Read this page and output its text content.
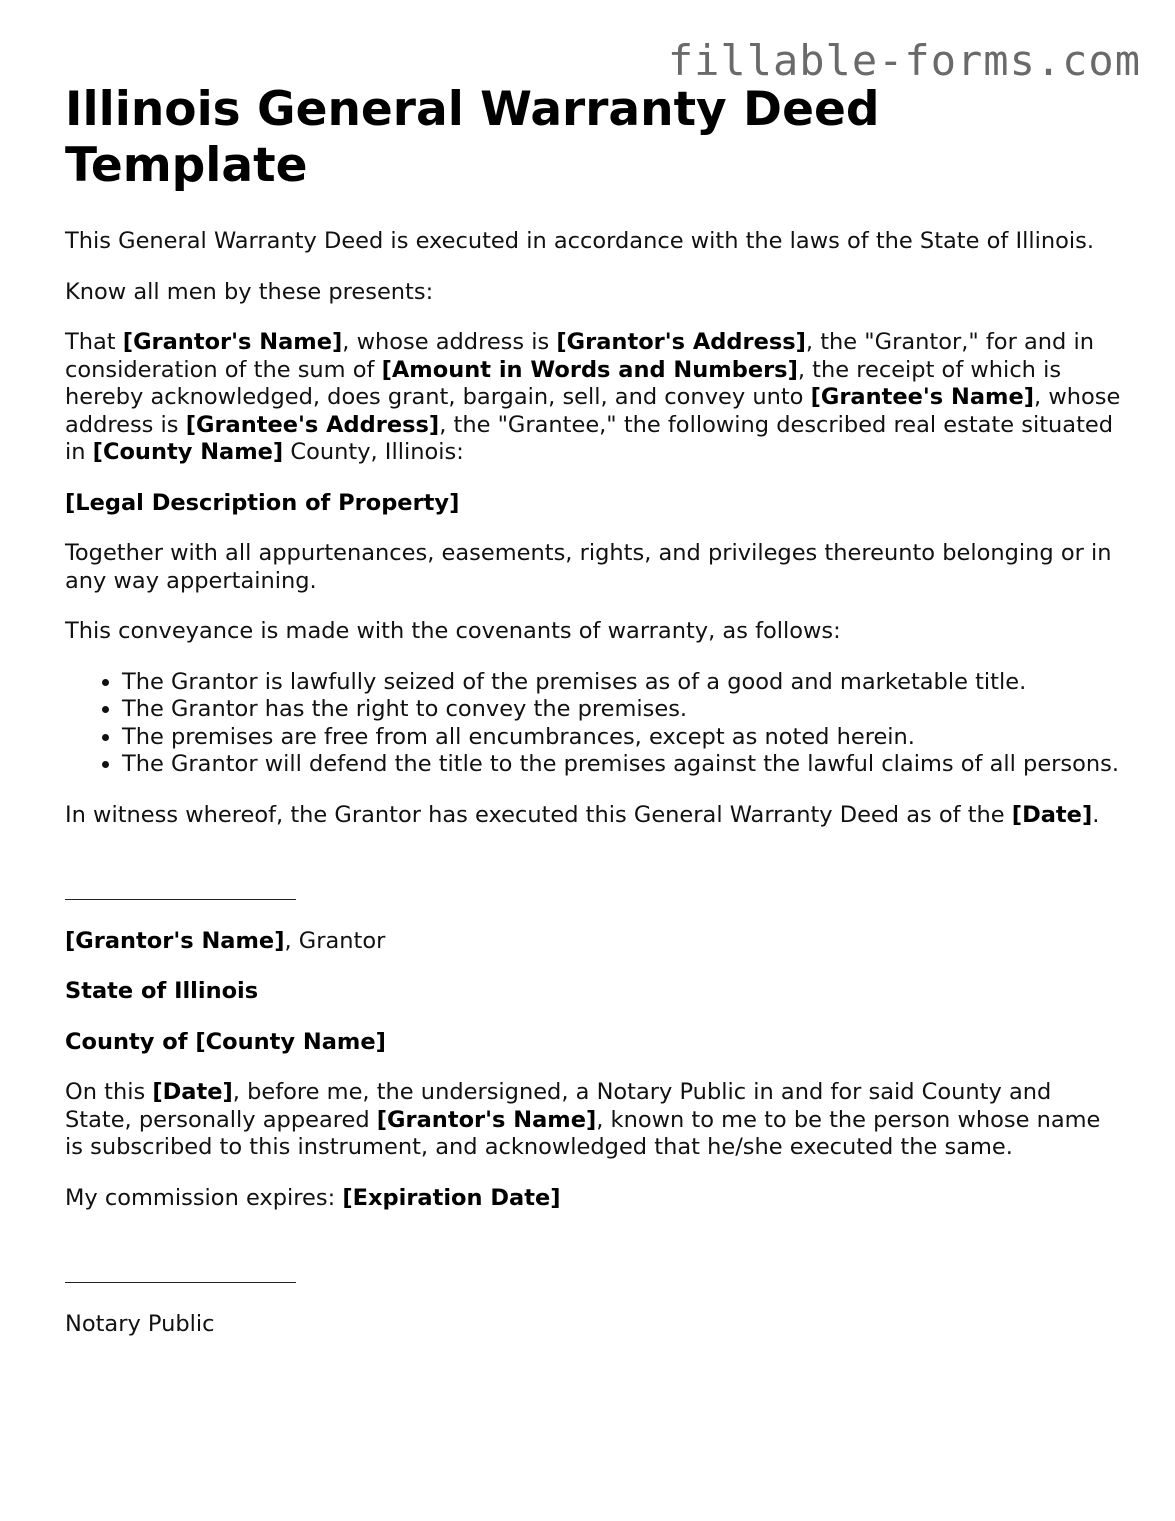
fillable-forms.com
Illinois General Warranty Deed Template

This General Warranty Deed is executed in accordance with the laws of the State of Illinois.

Know all men by these presents:

That [Grantor's Name], whose address is [Grantor's Address], the "Grantor," for and in consideration of the sum of [Amount in Words and Numbers], the receipt of which is hereby acknowledged, does grant, bargain, sell, and convey unto [Grantee's Name], whose address is [Grantee's Address], the "Grantee," the following described real estate situated in [County Name] County, Illinois:

[Legal Description of Property]

Together with all appurtenances, easements, rights, and privileges thereunto belonging or in any way appertaining.

This conveyance is made with the covenants of warranty, as follows:

• The Grantor is lawfully seized of the premises as of a good and marketable title.
• The Grantor has the right to convey the premises.
• The premises are free from all encumbrances, except as noted herein.
• The Grantor will defend the title to the premises against the lawful claims of all persons.

In witness whereof, the Grantor has executed this General Warranty Deed as of the [Date].

[Grantor's Name], Grantor

State of Illinois

County of [County Name]

On this [Date], before me, the undersigned, a Notary Public in and for said County and State, personally appeared [Grantor's Name], known to me to be the person whose name is subscribed to this instrument, and acknowledged that he/she executed the same.

My commission expires: [Expiration Date]

Notary Public
